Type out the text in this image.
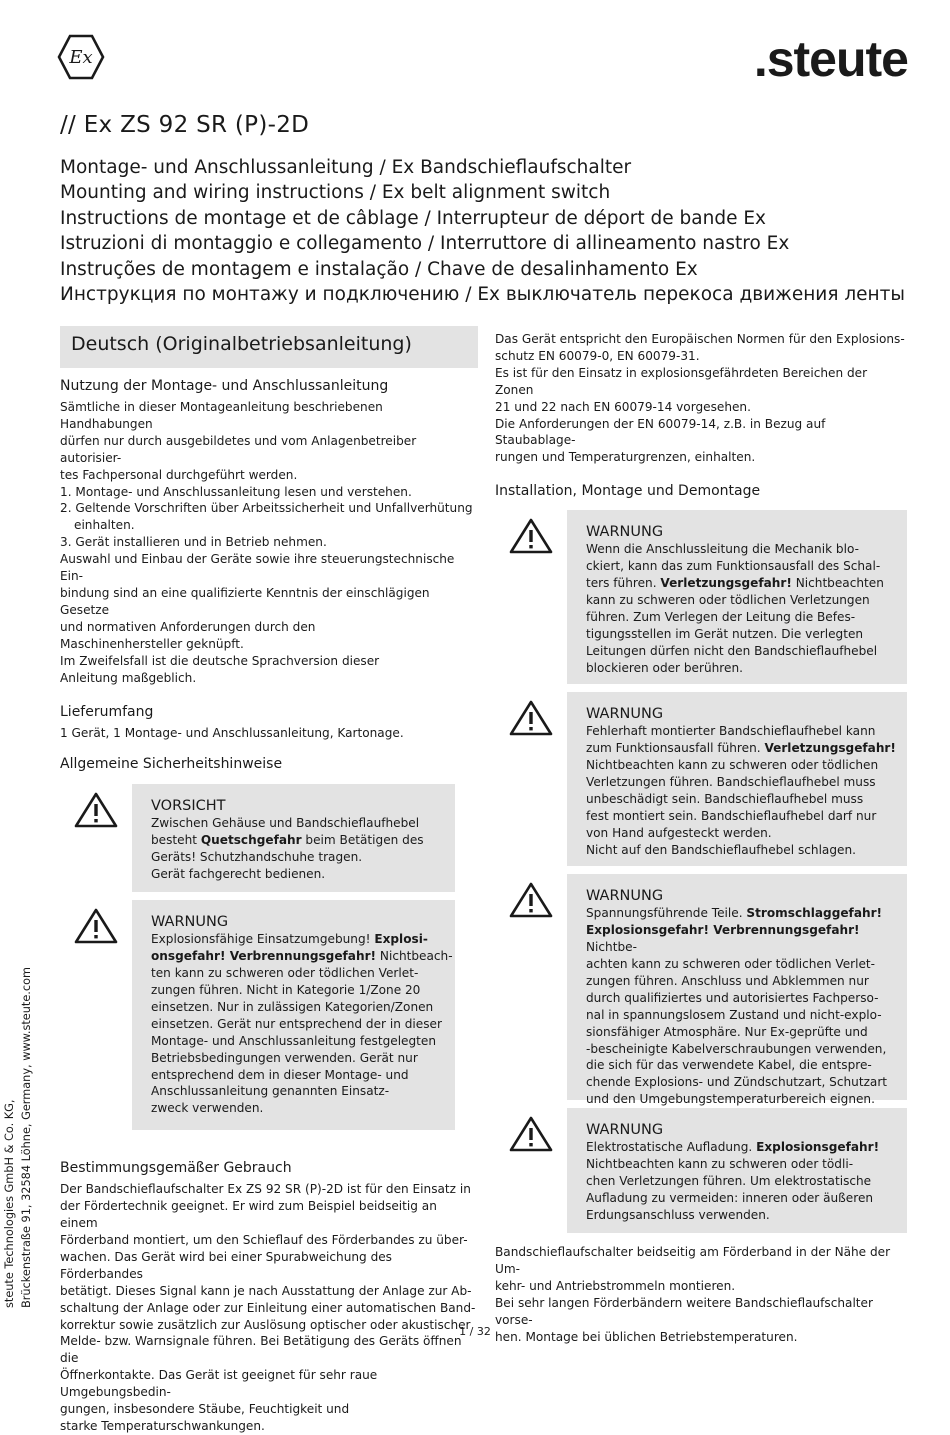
Ex	.steute
// Ex ZS 92 SR (P)-2D
Montage- und Anschlussanleitung / Ex Bandschieflaufschalter
Mounting and wiring instructions / Ex belt alignment switch
Instructions de montage et de câblage / Interrupteur de déport de bande Ex
Istruzioni di montaggio e collegamento / Interruttore di allineamento nastro Ex
Instruções de montagem e instalação / Chave de desalinhamento Ex
Инструкция по монтажу и подключению / Ex выключатель перекоса движения ленты
Deutsch (Originalbetriebsanleitung)
Nutzung der Montage- und Anschlussanleitung

Sämtliche in dieser Montageanleitung beschriebenen Handhabungen
dürfen nur durch ausgebildetes und vom Anlagenbetreiber autorisier-
tes Fachpersonal durchgeführt werden.
1. Montage- und Anschlussanleitung lesen und verstehen.
2. Geltende Vorschriften über Arbeitssicherheit und Unfallverhütung
einhalten.
3. Gerät installieren und in Betrieb nehmen.
Auswahl und Einbau der Geräte sowie ihre steuerungstechnische Ein-
bindung sind an eine qualifizierte Kenntnis der einschlägigen Gesetze
und normativen Anforderungen durch den
Maschinenhersteller geknüpft.
Im Zweifelsfall ist die deutsche Sprachversion dieser
Anleitung maßgeblich.

Lieferumfang

1 Gerät, 1 Montage- und Anschlussanleitung, Kartonage.

Allgemeine Sicherheitshinweise
VORSICHT

Zwischen Gehäuse und Bandschieflaufhebel
besteht Quetschgefahr beim Betätigen des
Geräts! Schutzhandschuhe tragen.
Gerät fachgerecht bedienen.

WARNUNG

Explosionsfähige Einsatzumgebung! Explosi-
onsgefahr! Verbrennungsgefahr! Nichtbeach-
ten kann zu schweren oder tödlichen Verlet-
zungen führen. Nicht in Kategorie 1/Zone 20
einsetzen. Nur in zulässigen Kategorien/Zonen
einsetzen. Gerät nur entsprechend der in dieser
Montage- und Anschlussanleitung festgelegten
Betriebsbedingungen verwenden. Gerät nur
entsprechend dem in dieser Montage- und
Anschlussanleitung genannten Einsatz-
zweck verwenden.

Bestimmungsgemäßer Gebrauch

Der Bandschieflaufschalter Ex ZS 92 SR (P)-2D ist für den Einsatz in
der Fördertechnik geeignet. Er wird zum Beispiel beidseitig an einem
Förderband montiert, um den Schieflauf des Förderbandes zu über-
wachen. Das Gerät wird bei einer Spurabweichung des Förderbandes
betätigt. Dieses Signal kann je nach Ausstattung der Anlage zur Ab-
schaltung der Anlage oder zur Einleitung einer automatischen Band-
korrektur sowie zusätzlich zur Auslösung optischer oder akustischer
Melde- bzw. Warnsignale führen. Bei Betätigung des Geräts öffnen die
Öffnerkontakte. Das Gerät ist geeignet für sehr raue Umgebungsbedin-
gungen, insbesondere Stäube, Feuchtigkeit und
starke Temperaturschwankungen.

Das Gerät entspricht den Europäischen Normen für den Explosions-
schutz EN 60079-0, EN 60079-31.
Es ist für den Einsatz in explosionsgefährdeten Bereichen der Zonen
21 und 22 nach EN 60079-14 vorgesehen.
Die Anforderungen der EN 60079-14, z.B. in Bezug auf Staubablage-
rungen und Temperaturgrenzen, einhalten.

Installation, Montage und Demontage
WARNUNG

Wenn die Anschlussleitung die Mechanik blo-
ckiert, kann das zum Funktionsausfall des Schal-
ters führen. Verletzungsgefahr! Nichtbeachten
kann zu schweren oder tödlichen Verletzungen
führen. Zum Verlegen der Leitung die Befes-
tigungsstellen im Gerät nutzen. Die verlegten
Leitungen dürfen nicht den Bandschieflaufhebel
blockieren oder berühren.

WARNUNG

Fehlerhaft montierter Bandschieflaufhebel kann
zum Funktionsausfall führen. Verletzungsgefahr!
Nichtbeachten kann zu schweren oder tödlichen
Verletzungen führen. Bandschieflaufhebel muss
unbeschädigt sein. Bandschieflaufhebel muss
fest montiert sein. Bandschieflaufhebel darf nur
von Hand aufgesteckt werden.
Nicht auf den Bandschieflaufhebel schlagen.

WARNUNG

Spannungsführende Teile. Stromschlaggefahr!
Explosionsgefahr! Verbrennungsgefahr! Nichtbe-
achten kann zu schweren oder tödlichen Verlet-
zungen führen. Anschluss und Abklemmen nur
durch qualifiziertes und autorisiertes Fachperso-
nal in spannungslosem Zustand und nicht-explo-
sionsfähiger Atmosphäre. Nur Ex-geprüfte und
-bescheinigte Kabelverschraubungen verwenden,
die sich für das verwendete Kabel, die entspre-
chende Explosions- und Zündschutzart, Schutzart
und den Umgebungstemperaturbereich eignen.

WARNUNG

Elektrostatische Aufladung. Explosionsgefahr!
Nichtbeachten kann zu schweren oder tödli-
chen Verletzungen führen. Um elektrostatische
Aufladung zu vermeiden: inneren oder äußeren
Erdungsanschluss verwenden.

Bandschieflaufschalter beidseitig am Förderband in der Nähe der Um-
kehr- und Antriebstrommeln montieren.
Bei sehr langen Förderbändern weitere Bandschieflaufschalter vorse-
hen. Montage bei üblichen Betriebstemperaturen.

steute Technologies GmbH & Co. KG, Brückenstraße 91, 32584 Löhne, Germany, www.steute.com
1 / 32
